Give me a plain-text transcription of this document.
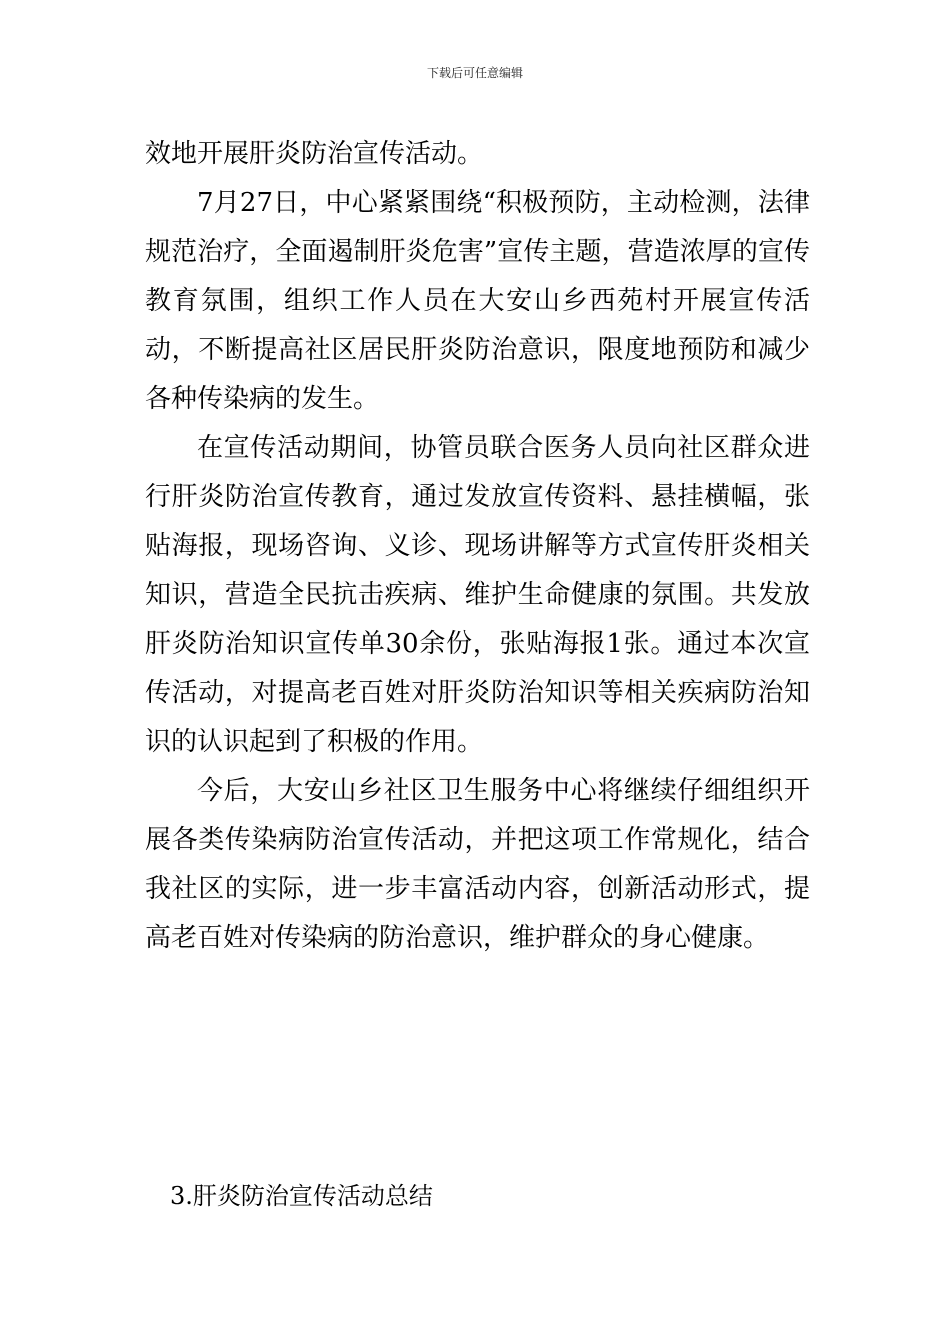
下载后可任意编辑

效地开展肝炎防治宣传活动。

7月27日，中心紧紧围绕“积极预防，主动检测，法律规范治疗，全面遏制肝炎危害”宣传主题，营造浓厚的宣传教育氛围，组织工作人员在大安山乡西苑村开展宣传活动，不断提高社区居民肝炎防治意识，限度地预防和减少各种传染病的发生。

在宣传活动期间，协管员联合医务人员向社区群众进行肝炎防治宣传教育，通过发放宣传资料、悬挂横幅，张贴海报，现场咨询、义诊、现场讲解等方式宣传肝炎相关知识，营造全民抗击疾病、维护生命健康的氛围。共发放肝炎防治知识宣传单30余份，张贴海报1张。通过本次宣传活动，对提高老百姓对肝炎防治知识等相关疾病防治知识的认识起到了积极的作用。

今后，大安山乡社区卫生服务中心将继续仔细组织开展各类传染病防治宣传活动，并把这项工作常规化，结合我社区的实际，进一步丰富活动内容，创新活动形式，提高老百姓对传染病的防治意识，维护群众的身心健康。

3.肝炎防治宣传活动总结
